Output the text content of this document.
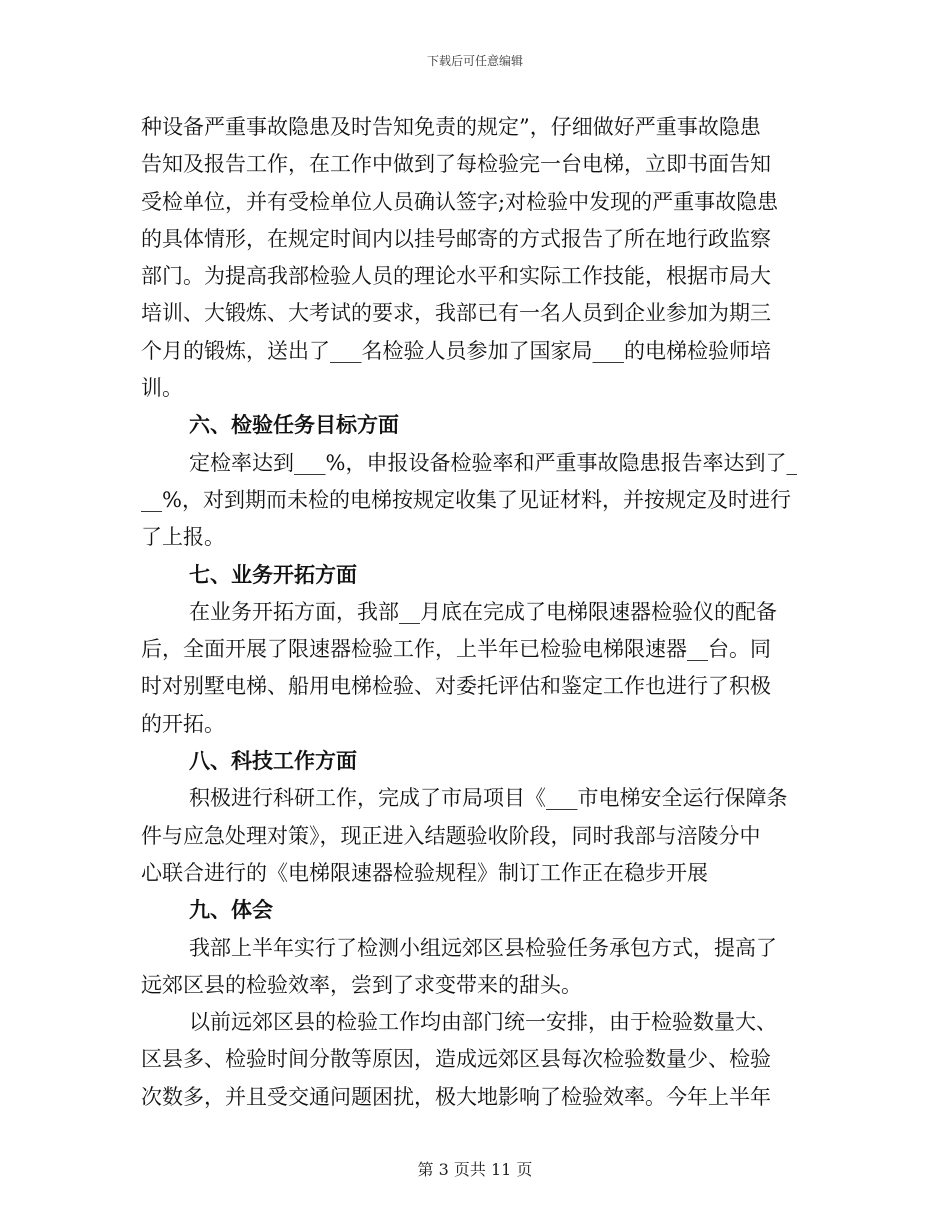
下载后可任意编辑
种设备严重事故隐患及时告知免责的规定”，仔细做好严重事故隐患
告知及报告工作，在工作中做到了每检验完一台电梯，立即书面告知
受检单位，并有受检单位人员确认签字;对检验中发现的严重事故隐患
的具体情形，在规定时间内以挂号邮寄的方式报告了所在地行政监察
部门。为提高我部检验人员的理论水平和实际工作技能，根据市局大
培训、大锻炼、大考试的要求，我部已有一名人员到企业参加为期三
个月的锻炼，送出了___名检验人员参加了国家局___的电梯检验师培
训。
六、检验任务目标方面
定检率达到___%，申报设备检验率和严重事故隐患报告率达到了_
__%，对到期而未检的电梯按规定收集了见证材料，并按规定及时进行
了上报。
七、业务开拓方面
在业务开拓方面，我部__月底在完成了电梯限速器检验仪的配备
后，全面开展了限速器检验工作，上半年已检验电梯限速器__台。同
时对别墅电梯、船用电梯检验、对委托评估和鉴定工作也进行了积极
的开拓。
八、科技工作方面
积极进行科研工作，完成了市局项目《___市电梯安全运行保障条
件与应急处理对策》，现正进入结题验收阶段，同时我部与涪陵分中
心联合进行的《电梯限速器检验规程》制订工作正在稳步开展
九、体会
我部上半年实行了检测小组远郊区县检验任务承包方式，提高了
远郊区县的检验效率，尝到了求变带来的甜头。
以前远郊区县的检验工作均由部门统一安排，由于检验数量大、
区县多、检验时间分散等原因，造成远郊区县每次检验数量少、检验
次数多，并且受交通问题困扰，极大地影响了检验效率。今年上半年
第 3 页共 11 页
